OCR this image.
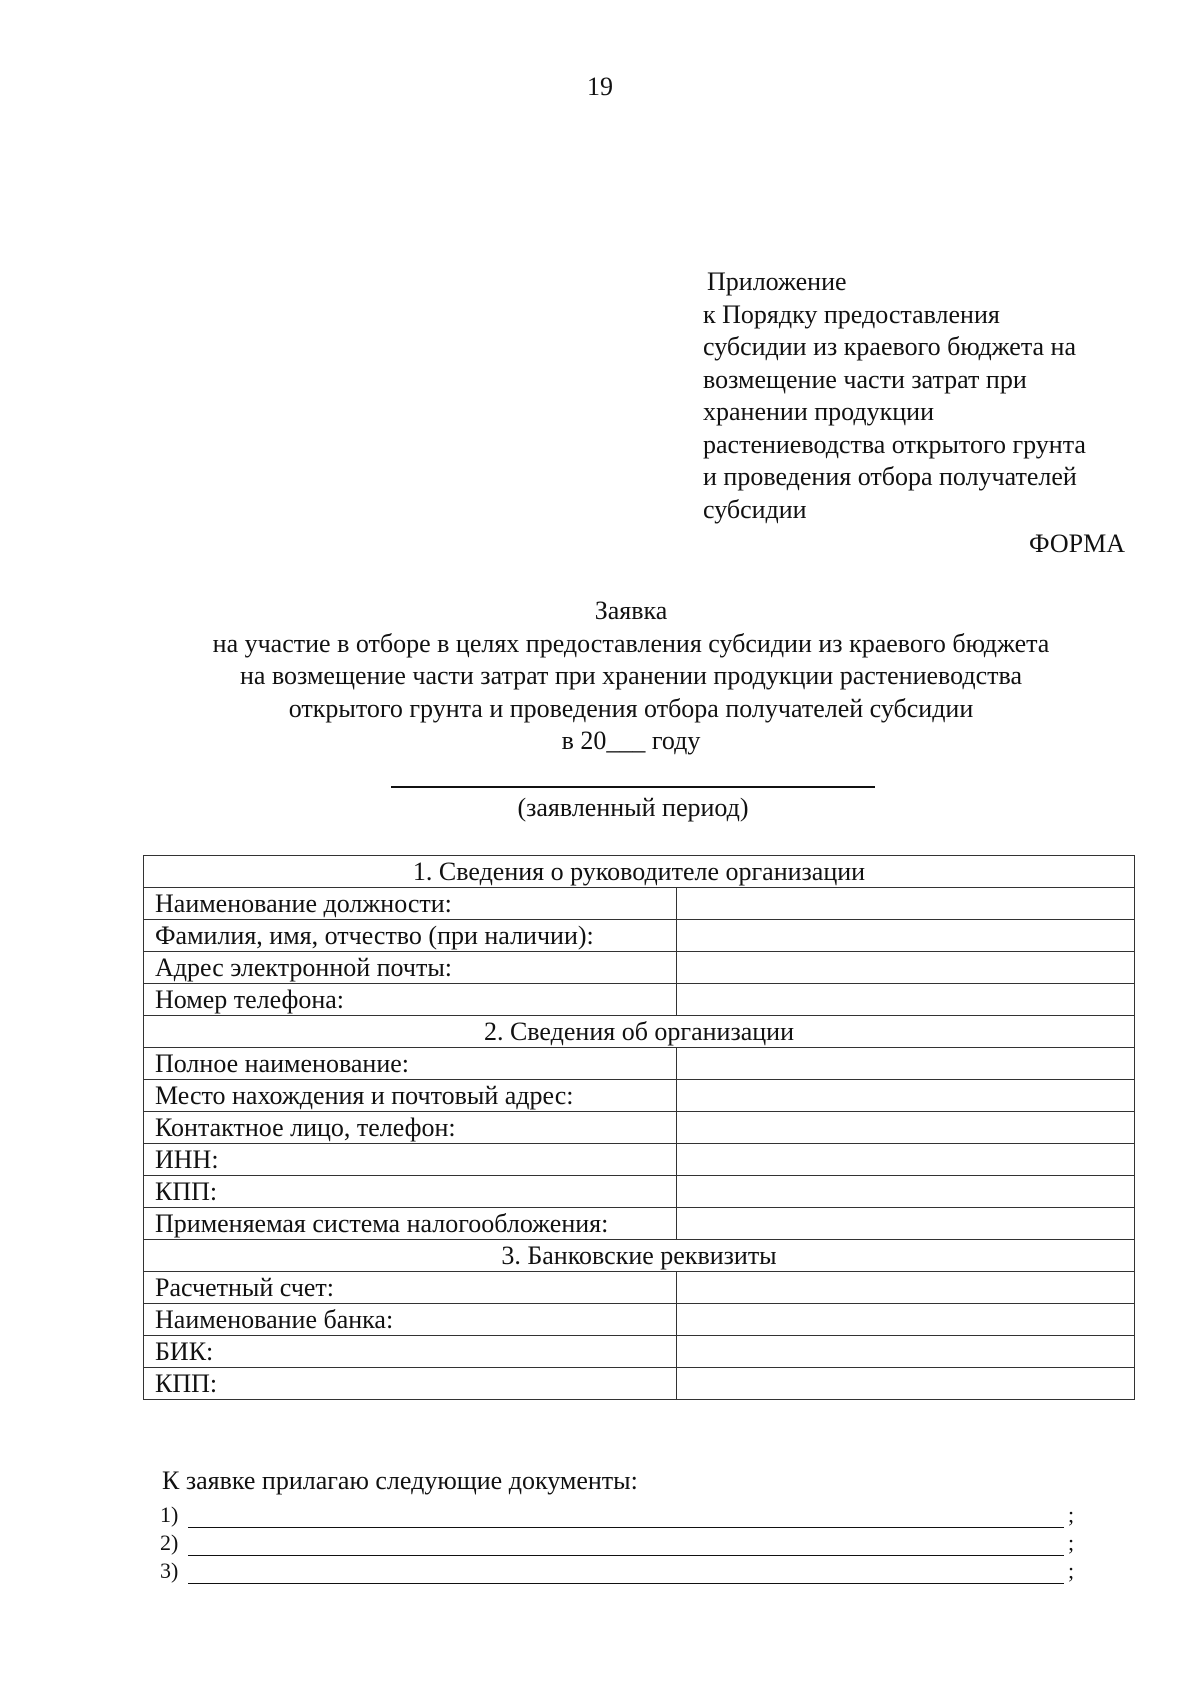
19
Приложение
к Порядку предоставления
субсидии из краевого бюджета на
возмещение части затрат при
хранении продукции
растениеводства открытого грунта
и проведения отбора получателей
субсидии
ФОРМА
Заявка
на участие в отборе в целях предоставления субсидии из краевого бюджета
на возмещение части затрат при хранении продукции растениеводства
открытого грунта и проведения отбора получателей субсидии
в 20___ году
(заявленный период)
1. Сведения о руководителе организации	
Наименование должности:	
Фамилия, имя, отчество (при наличии):	
Адрес электронной почты:	
Номер телефона:	
2. Сведения об организации	
Полное наименование:	
Место нахождения и почтовый адрес:	
Контактное лицо, телефон:	
ИНН:	
КПП:	
Применяемая система налогообложения:	
3. Банковские реквизиты	
Расчетный счет:	
Наименование банка:	
БИК:	
КПП:	
К заявке прилагаю следующие документы:
1)	;
2)	;
3)	;
